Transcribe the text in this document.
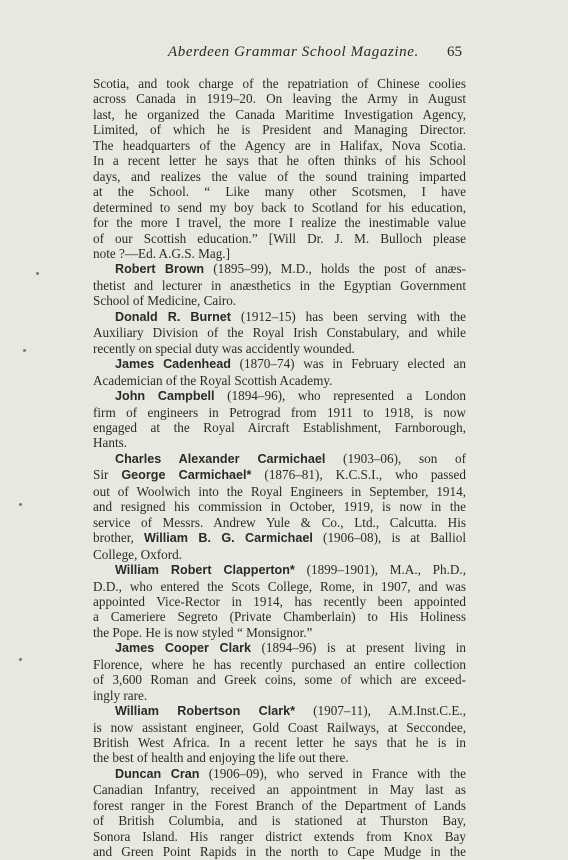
Aberdeen Grammar School Magazine. 65
Scotia, and took charge of the repatriation of Chinese coolies
across Canada in 1919–20. On leaving the Army in August
last, he organized the Canada Maritime Investigation Agency,
Limited, of which he is President and Managing Director.
The headquarters of the Agency are in Halifax, Nova Scotia.
In a recent letter he says that he often thinks of his School
days, and realizes the value of the sound training imparted
at the School. “ Like many other Scotsmen, I have
determined to send my boy back to Scotland for his education,
for the more I travel, the more I realize the inestimable value
of our Scottish education.” [Will Dr. J. M. Bulloch please
note ?—Ed. A.G.S. Mag.]
Robert Brown (1895–99), M.D., holds the post of anæs-
thetist and lecturer in anæsthetics in the Egyptian Government
School of Medicine, Cairo.
Donald R. Burnet (1912–15) has been serving with the
Auxiliary Division of the Royal Irish Constabulary, and while
recently on special duty was accidently wounded.
James Cadenhead (1870–74) was in February elected an
Academician of the Royal Scottish Academy.
John Campbell (1894–96), who represented a London
firm of engineers in Petrograd from 1911 to 1918, is now
engaged at the Royal Aircraft Establishment, Farnborough,
Hants.
Charles Alexander Carmichael (1903–06), son of
Sir George Carmichael* (1876–81), K.C.S.I., who passed
out of Woolwich into the Royal Engineers in September, 1914,
and resigned his commission in October, 1919, is now in the
service of Messrs. Andrew Yule & Co., Ltd., Calcutta. His
brother, William B. G. Carmichael (1906–08), is at Balliol
College, Oxford.
William Robert Clapperton* (1899–1901), M.A., Ph.D.,
D.D., who entered the Scots College, Rome, in 1907, and was
appointed Vice-Rector in 1914, has recently been appointed
a Cameriere Segreto (Private Chamberlain) to His Holiness
the Pope. He is now styled “ Monsignor.”
James Cooper Clark (1894–96) is at present living in
Florence, where he has recently purchased an entire collection
of 3,600 Roman and Greek coins, some of which are exceed-
ingly rare.
William Robertson Clark* (1907–11), A.M.Inst.C.E.,
is now assistant engineer, Gold Coast Railways, at Seccondee,
British West Africa. In a recent letter he says that he is in
the best of health and enjoying the life out there.
Duncan Cran (1906–09), who served in France with the
Canadian Infantry, received an appointment in May last as
forest ranger in the Forest Branch of the Department of Lands
of British Columbia, and is stationed at Thurston Bay,
Sonora Island. His ranger district extends from Knox Bay
and Green Point Rapids in the north to Cape Mudge in the
